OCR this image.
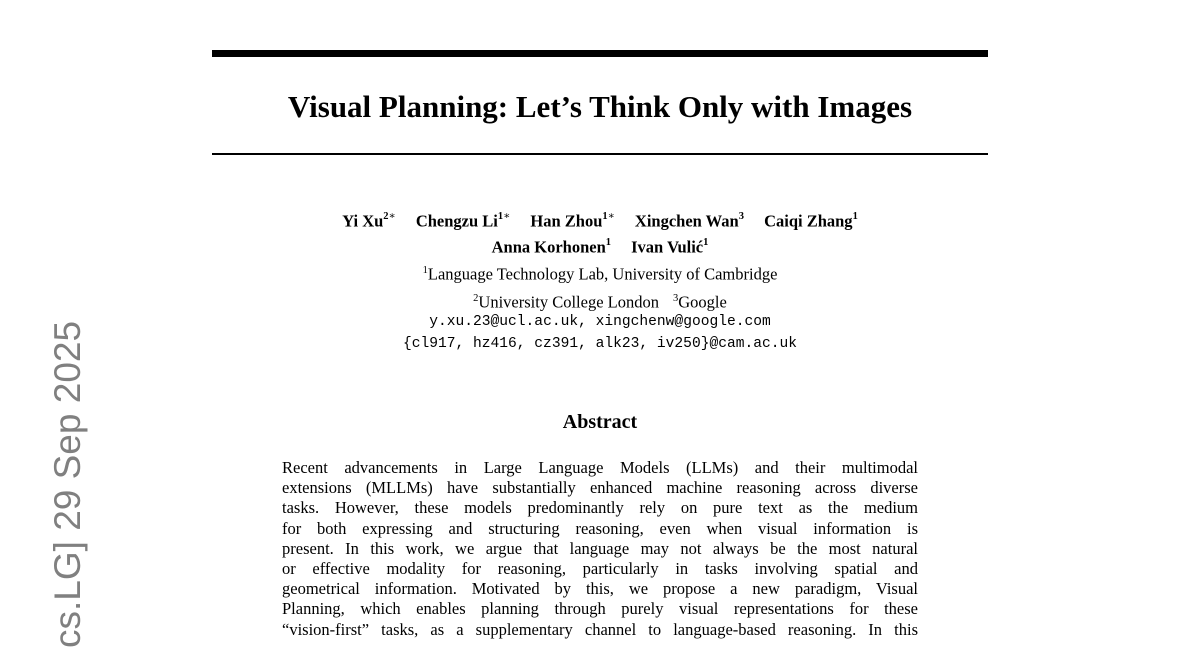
Visual Planning: Let’s Think Only with Images
Yi $Xu^{2∗}$ Chengzu $Li^{1∗}$ Han Zhou$^{1∗}$ Xingchen Wan$^3$ Caiqi Zhang$^1$
Anna Korhonen$^1$ Ivan Vulić$^1$
$^1$Language Technology Lab, University of Cambridge
$^2$University College London $^3$Google
y.xu.23@ucl.ac.uk, xingchenw@google.com
{cl917, hz416, cz391, alk23, iv250}@cam.ac.uk
Abstract
Recent advancements in Large Language Models (LLMs) and their multimodal
extensions (MLLMs) have substantially enhanced machine reasoning across diverse
tasks. However, these models predominantly rely on pure text as the medium
for both expressing and structuring reasoning, even when visual information is
present. In this work, we argue that language may not always be the most natural
or effective modality for reasoning, particularly in tasks involving spatial and
geometrical information. Motivated by this, we propose a new paradigm, Visual
Planning, which enables planning through purely visual representations for these
“vision-first” tasks, as a supplementary channel to language-based reasoning. In this
cs.LG] 29 Sep 2025
